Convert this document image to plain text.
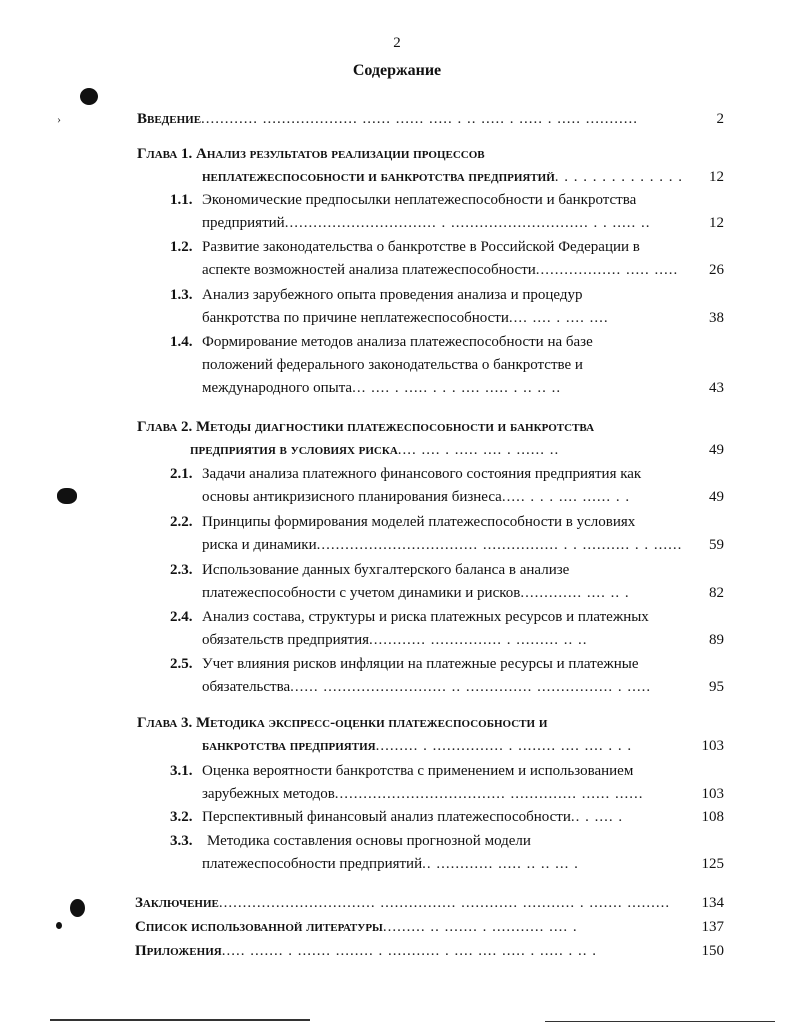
2
Содержание
Введение............ .................... ...... ...... ..... . .. ..... . ..... . ..... ...........	2
Глава 1. Анализ результатов реализации процессов
неплатежеспособности и банкротства предприятий. . . . . . . . . . . . . .	12
1.1. Экономические предпосылки неплатежеспособности и банкротства
предприятий................................ . ............................. . . ..... ..	12
1.2. Развитие законодательства о банкротстве в Российской Федерации в
аспекте возможностей анализа платежеспособности.................. ..... .....	26
1.3. Анализ зарубежного опыта проведения анализа и процедур
банкротства по причине неплатежеспособности.... .... . .... ....	38
1.4. Формирование методов анализа платежеспособности на базе
положений федерального законодательства о банкротстве и
международного опыта... .... . ..... . . . .... ..... . .. .. ..	43
Глава 2. Методы диагностики платежеспособности и банкротства
предприятия в условиях риска.... .... . ..... .... . ...... ..	49
2.1. Задачи анализа платежного финансового состояния предприятия как
основы антикризисного планирования бизнеса..... . . . .... ...... . .	49
2.2. Принципы формирования моделей платежеспособности в условиях
риска и динамики.................................. ................ . . .......... . . ......	59
2.3. Использование данных бухгалтерского баланса в анализе
платежеспособности с учетом динамики и рисков............. .... .. .	82
2.4. Анализ состава, структуры и риска платежных ресурсов и платежных
обязательств предприятия............ ............... . ......... .. ..	89
2.5. Учет влияния рисков инфляции на платежные ресурсы и платежные
обязательства...... .......................... .. .............. ................ . .....	95
Глава 3. Методика экспресс-оценки платежеспособности и
банкротства предприятия......... . ............... . ........ .... .... . . .	103
3.1. Оценка вероятности банкротства с применением и использованием
зарубежных методов.................................... .............. ...... ......	103
3.2. Перспективный финансовый анализ платежеспособности.. . .... .	108
3.3. Методика составления основы прогнозной модели
платежеспособности предприятий.. ............ ..... .. .. ... .	125
Заключение................................. ................ ............ ........... . ....... .........	134
Список использованной литературы......... .. ....... . ........... .... .	137
Приложения..... ....... . ....... ........ . ........... . .... .... ..... . ..... . .. .	150
›
